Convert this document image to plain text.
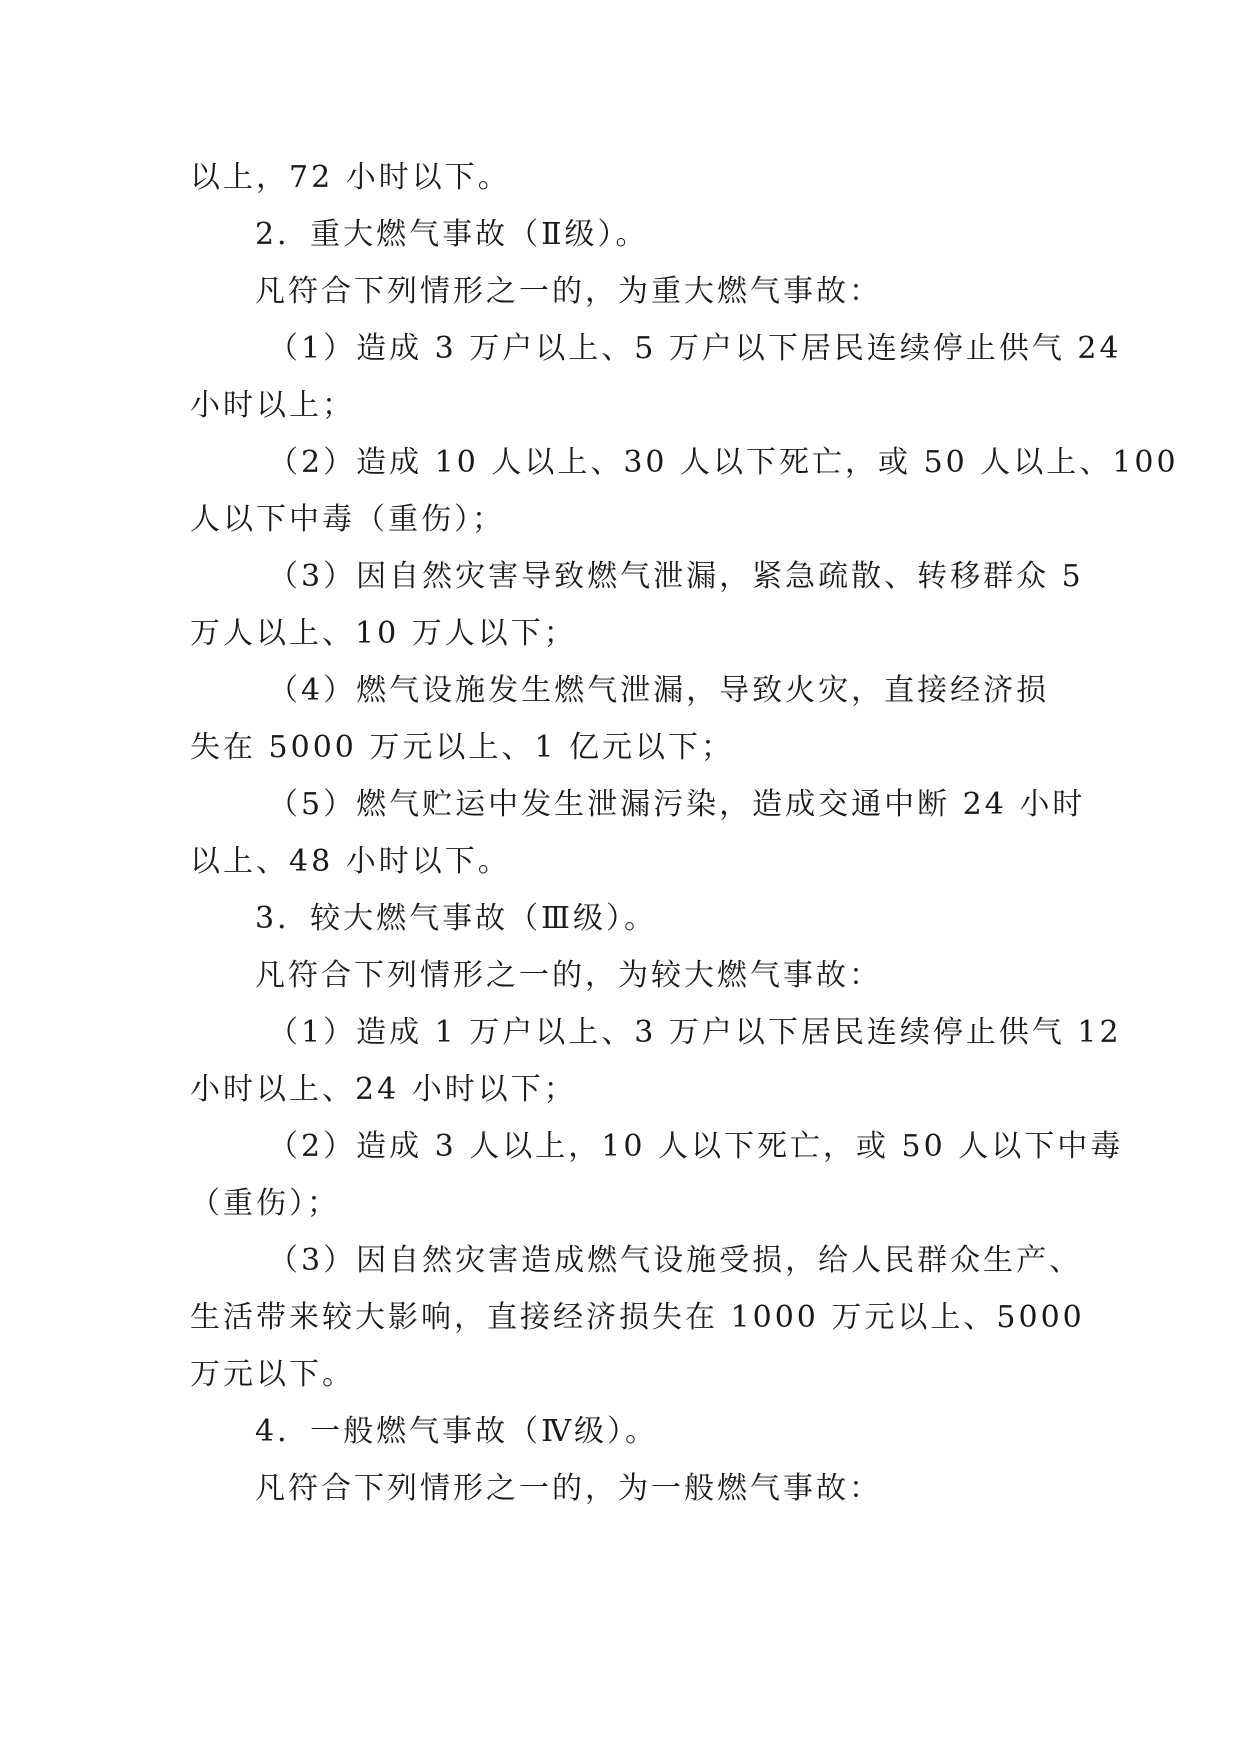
以上，72 小时以下。
2．重大燃气事故（Ⅱ级）。
凡符合下列情形之一的，为重大燃气事故：
（1）造成 3 万户以上、5 万户以下居民连续停止供气 24
小时以上；
（2）造成 10 人以上、30 人以下死亡，或 50 人以上、100
人以下中毒（重伤）；
（3）因自然灾害导致燃气泄漏，紧急疏散、转移群众 5
万人以上、10 万人以下；
（4）燃气设施发生燃气泄漏，导致火灾，直接经济损
失在 5000 万元以上、1 亿元以下；
（5）燃气贮运中发生泄漏污染，造成交通中断 24 小时
以上、48 小时以下。
3．较大燃气事故（Ⅲ级）。
凡符合下列情形之一的，为较大燃气事故：
（1）造成 1 万户以上、3 万户以下居民连续停止供气 12
小时以上、24 小时以下；
（2）造成 3 人以上，10 人以下死亡，或 50 人以下中毒
（重伤）；
（3）因自然灾害造成燃气设施受损，给人民群众生产、
生活带来较大影响，直接经济损失在 1000 万元以上、5000
万元以下。
4．一般燃气事故（Ⅳ级）。
凡符合下列情形之一的，为一般燃气事故：
